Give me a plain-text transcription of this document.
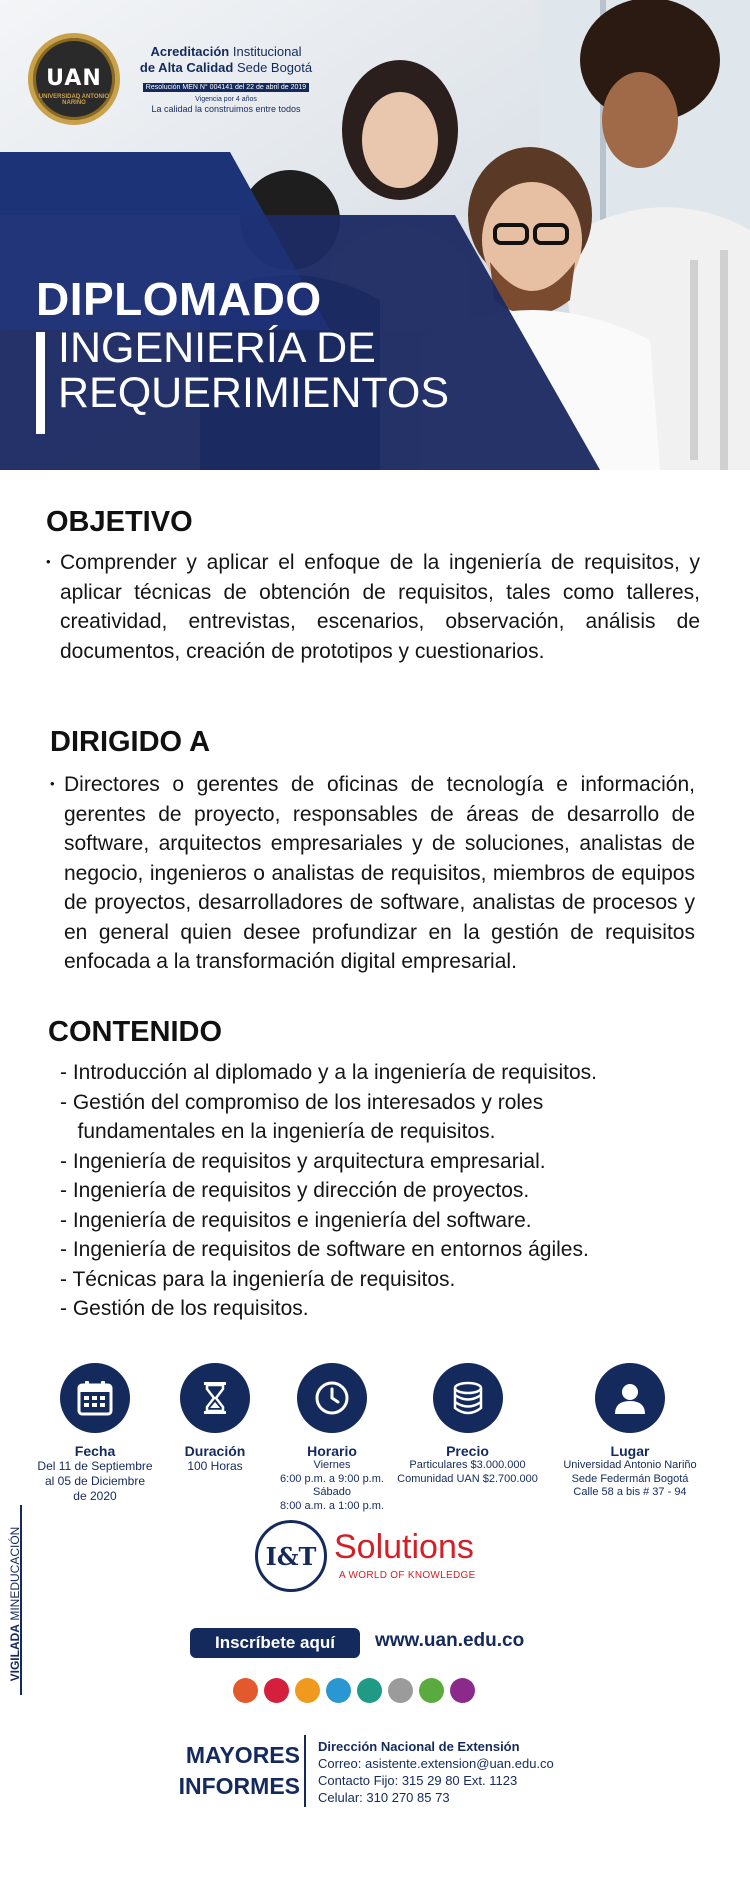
UAN
UNIVERSIDAD ANTONIO NARIÑO
Acreditación Institucional
de Alta Calidad Sede Bogotá
Resolución MEN N° 004141 del 22 de abril de 2019
Vigencia por 4 años
La calidad la construimos entre todos
DIPLOMADO
INGENIERÍA DE
REQUERIMIENTOS
OBJETIVO
• Comprender y aplicar el enfoque de la ingeniería de requisitos, y aplicar técnicas de obtención de requisitos, tales como talleres, creatividad, entrevistas, escenarios, observación, análisis de documentos, creación de prototipos y cuestionarios.

DIRIGIDO A
• Directores o gerentes de oficinas de tecnología e información, gerentes de proyecto, responsables de áreas de desarrollo de software, arquitectos empresariales y de soluciones, analistas de negocio, ingenieros o analistas de requisitos, miembros de equipos de proyectos, desarrolladores de software, analistas de procesos y en general quien desee profundizar en la gestión de requisitos enfocada a la transformación digital empresarial.

CONTENIDO
- Introducción al diplomado y a la ingeniería de requisitos.
- Gestión del compromiso de los interesados y roles
fundamentales en la ingeniería de requisitos.
- Ingeniería de requisitos y arquitectura empresarial.
- Ingeniería de requisitos y dirección de proyectos.
- Ingeniería de requisitos e ingeniería del software.
- Ingeniería de requisitos de software en entornos ágiles.
- Técnicas para la ingeniería de requisitos.
- Gestión de los requisitos.
Fecha
Del 11 de Septiembre
al 05 de Diciembre
de 2020
Duración
100 Horas
Horario
Viernes
6:00 p.m. a 9:00 p.m.
Sábado
8:00 a.m. a 1:00 p.m.
Precio
Particulares $3.000.000
Comunidad UAN $2.700.000
Lugar
Universidad Antonio Nariño
Sede Federmán Bogotá
Calle 58 a bis # 37 - 94
VIGILADA MINEDUCACIÓN	I&T Solutions
A WORLD OF KNOWLEDGE
Inscríbete aquí	www.uan.edu.co
MAYORES
INFORMES
Dirección Nacional de Extensión
Correo: asistente.extension@uan.edu.co
Contacto Fijo: 315 29 80 Ext. 1123
Celular: 310 270 85 73
